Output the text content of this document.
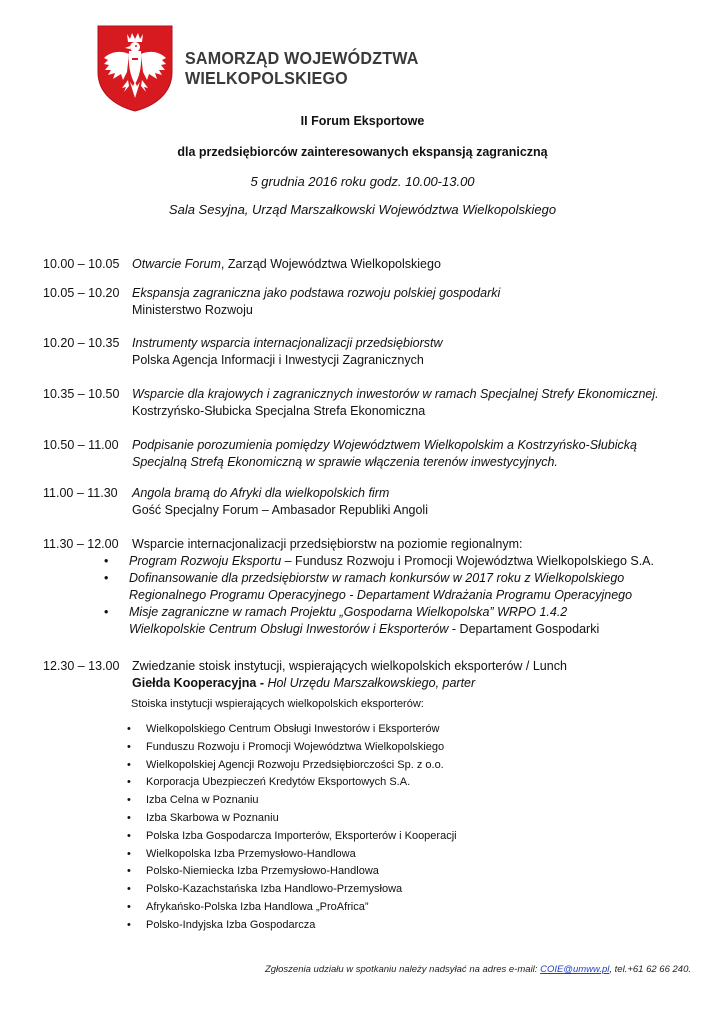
SAMORZĄD WOJEWÓDZTWA
WIELKOPOLSKIEGO
II Forum Eksportowe
dla przedsiębiorców zainteresowanych ekspansją zagraniczną
5 grudnia 2016 roku godz. 10.00-13.00
Sala Sesyjna, Urząd Marszałkowski Województwa Wielkopolskiego
10.00 – 10.05 Otwarcie Forum, Zarząd Województwa Wielkopolskiego
10.05 – 10.20 Ekspansja zagraniczna jako podstawa rozwoju polskiej gospodarki
Ministerstwo Rozwoju
10.20 – 10.35 Instrumenty wsparcia internacjonalizacji przedsiębiorstw
Polska Agencja Informacji i Inwestycji Zagranicznych
10.35 – 10.50 Wsparcie dla krajowych i zagranicznych inwestorów w ramach Specjalnej Strefy Ekonomicznej.
Kostrzyńsko-Słubicka Specjalna Strefa Ekonomiczna
10.50 – 11.00 Podpisanie porozumienia pomiędzy Województwem Wielkopolskim a Kostrzyńsko-Słubicką
Specjalną Strefą Ekonomiczną w sprawie włączenia terenów inwestycyjnych.
11.00 – 11.30 Angola bramą do Afryki dla wielkopolskich firm
Gość Specjalny Forum – Ambasador Republiki Angoli
11.30 – 12.00 Wsparcie internacjonalizacji przedsiębiorstw na poziomie regionalnym:
• Program Rozwoju Eksportu – Fundusz Rozwoju i Promocji Województwa Wielkopolskiego S.A.
• Dofinansowanie dla przedsiębiorstw w ramach konkursów w 2017 roku z Wielkopolskiego
Regionalnego Programu Operacyjnego - Departament Wdrażania Programu Operacyjnego
• Misje zagraniczne w ramach Projektu „Gospodarna Wielkopolska” WRPO 1.4.2
Wielkopolskie Centrum Obsługi Inwestorów i Eksporterów - Departament Gospodarki
12.30 – 13.00 Zwiedzanie stoisk instytucji, wspierających wielkopolskich eksporterów / Lunch
Giełda Kooperacyjna - Hol Urzędu Marszałkowskiego, parter
Stoiska instytucji wspierających wielkopolskich eksporterów:
• Wielkopolskiego Centrum Obsługi Inwestorów i Eksporterów
• Funduszu Rozwoju i Promocji Województwa Wielkopolskiego
• Wielkopolskiej Agencji Rozwoju Przedsiębiorczości Sp. z o.o.
• Korporacja Ubezpieczeń Kredytów Eksportowych S.A.
• Izba Celna w Poznaniu
• Izba Skarbowa w Poznaniu
• Polska Izba Gospodarcza Importerów, Eksporterów i Kooperacji
• Wielkopolska Izba Przemysłowo-Handlowa
• Polsko-Niemiecka Izba Przemysłowo-Handlowa
• Polsko-Kazachstańska Izba Handlowo-Przemysłowa
• Afrykańsko-Polska Izba Handlowa „ProAfrica”
• Polsko-Indyjska Izba Gospodarcza
Zgłoszenia udziału w spotkaniu należy nadsyłać na adres e-mail: COIE@umww.pl, tel.+61 62 66 240.
